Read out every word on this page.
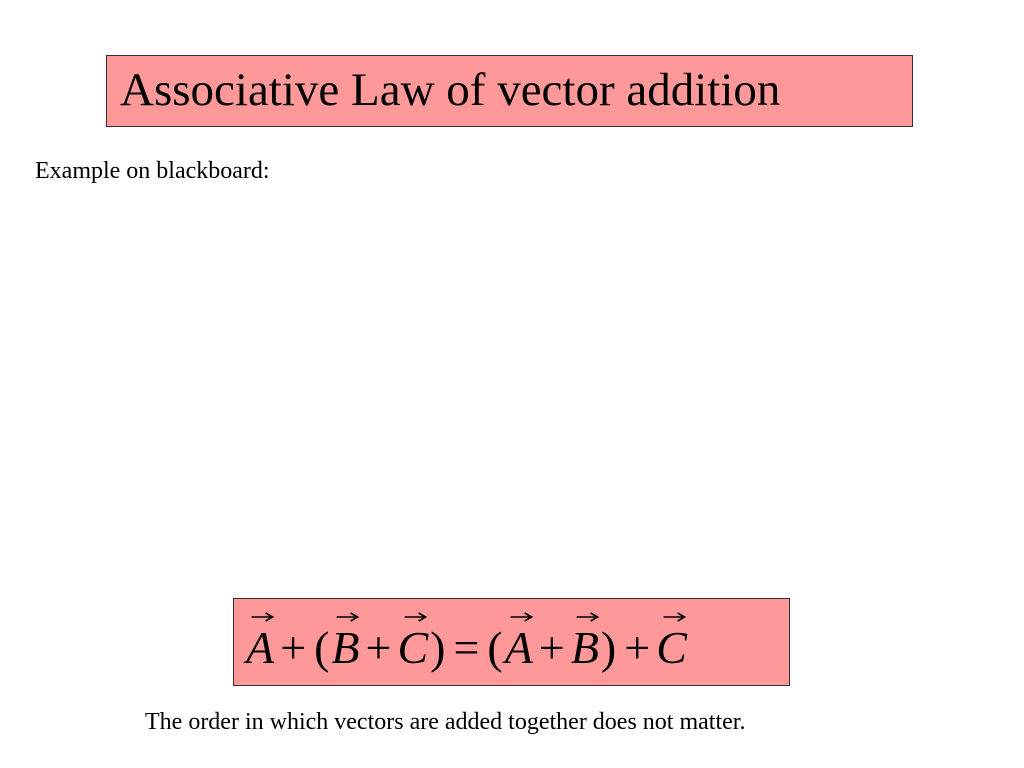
Associative Law of vector addition
Example on blackboard:
A + ( B + C ) = ( A + B ) + C
The order in which vectors are added together does not matter.
